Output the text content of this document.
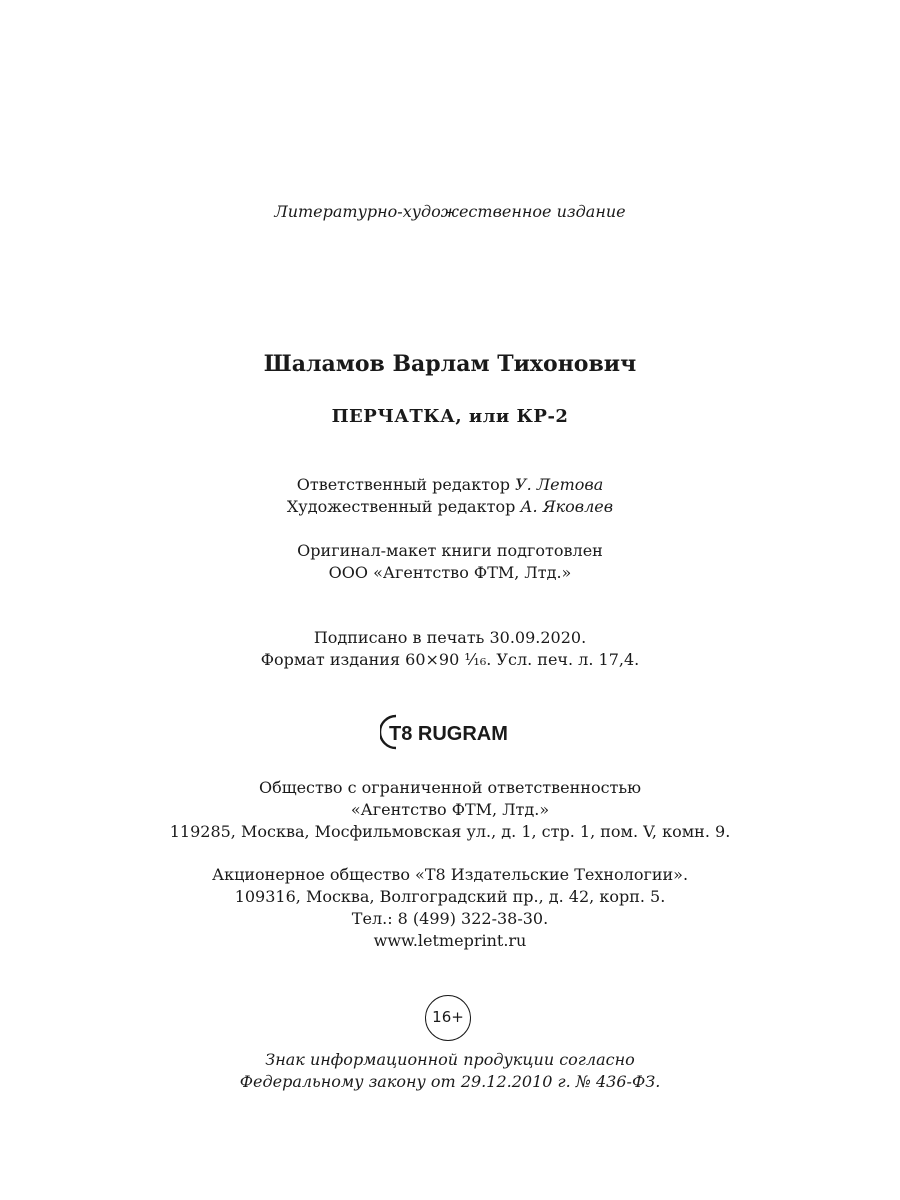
Литературно-художественное издание
Шаламов Варлам Тихонович
ПЕРЧАТКА, или КР-2
Ответственный редактор У. Летова
Художественный редактор А. Яковлев
Оригинал-макет книги подготовлен
ООО «Агентство ФТМ, Лтд.»
Подписано в печать 30.09.2020.
Формат издания 60×90 ¹⁄₁₆. Усл. печ. л. 17,4.
T8 RUGRAM
Общество с ограниченной ответственностью
«Агентство ФТМ, Лтд.»
119285, Москва, Мосфильмовская ул., д. 1, стр. 1, пом. V, комн. 9.
Акционерное общество «Т8 Издательские Технологии».
109316, Москва, Волгоградский пр., д. 42, корп. 5.
Тел.: 8 (499) 322-38-30.
www.letmeprint.ru
16+
Знак информационной продукции согласно
Федеральному закону от 29.12.2010 г. № 436-ФЗ.
